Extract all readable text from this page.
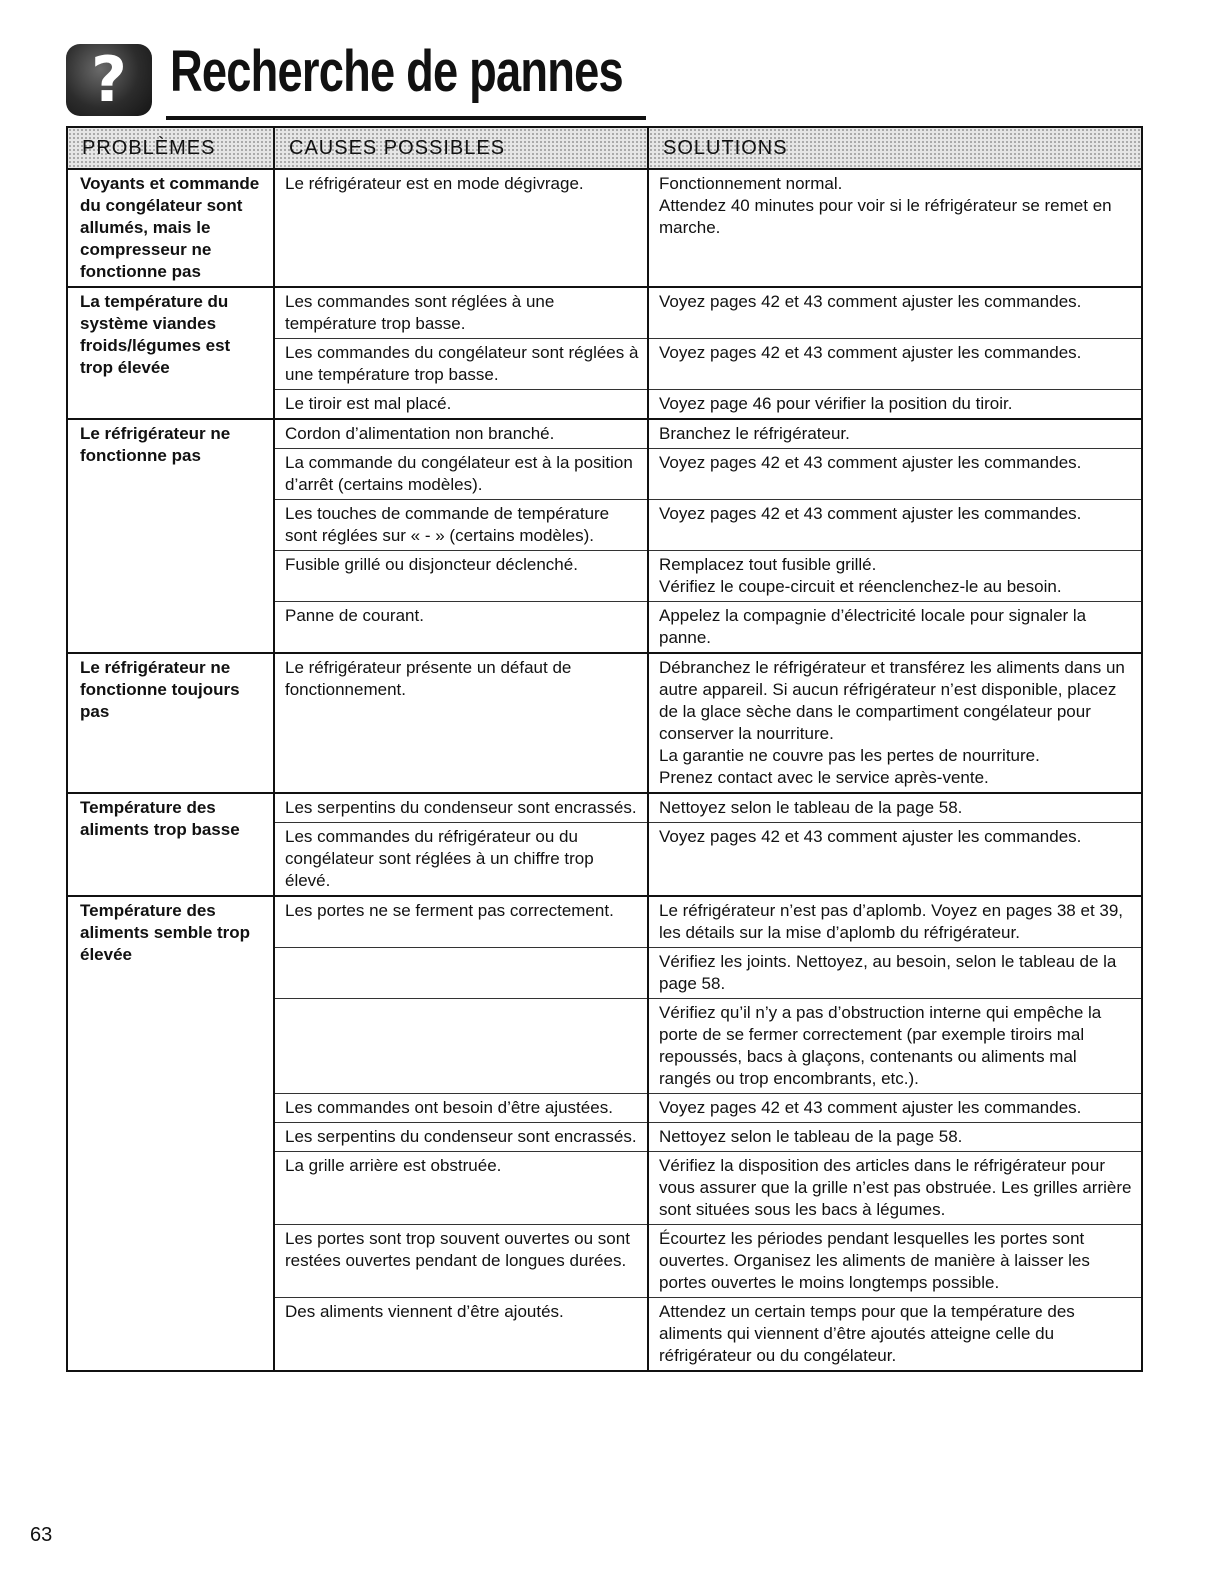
? Recherche de pannes
PROBLÈMES	CAUSES POSSIBLES	SOLUTIONS
Voyants et commande du congélateur sont allumés, mais le compresseur ne fonctionne pas	Le réfrigérateur est en mode dégivrage.	Fonctionnement normal.
Attendez 40 minutes pour voir si le réfrigérateur se remet en marche.

La température du système viandes froids/légumes est trop élevée	Les commandes sont réglées à une température trop basse.	Voyez pages 42 et 43 comment ajuster les commandes.

	Les commandes du congélateur sont réglées à une température trop basse.	Voyez pages 42 et 43 comment ajuster les commandes.

	Le tiroir est mal placé.	Voyez page 46 pour vérifier la position du tiroir.

Le réfrigérateur ne fonctionne pas	Cordon d’alimentation non branché.	Branchez le réfrigérateur.

	La commande du congélateur est à la position d’arrêt (certains modèles).	Voyez pages 42 et 43 comment ajuster les commandes.

	Les touches de commande de température sont réglées sur « - » (certains modèles).	Voyez pages 42 et 43 comment ajuster les commandes.

	Fusible grillé ou disjoncteur déclenché.	Remplacez tout fusible grillé.
Vérifiez le coupe-circuit et réenclenchez-le au besoin.

	Panne de courant.	Appelez la compagnie d’électricité locale pour signaler la panne.

Le réfrigérateur ne fonctionne toujours pas	Le réfrigérateur présente un défaut de fonctionnement.	Débranchez le réfrigérateur et transférez les aliments dans un autre appareil. Si aucun réfrigérateur n’est disponible, placez de la glace sèche dans le compartiment congélateur pour conserver la nourriture.
La garantie ne couvre pas les pertes de nourriture.
Prenez contact avec le service après-vente.

Température des aliments trop basse	Les serpentins du condenseur sont encrassés.	Nettoyez selon le tableau de la page 58.

	Les commandes du réfrigérateur ou du congélateur sont réglées à un chiffre trop élevé.	Voyez pages 42 et 43 comment ajuster les commandes.

Température des aliments semble trop élevée	Les portes ne se ferment pas correctement.	Le réfrigérateur n’est pas d’aplomb. Voyez en pages 38 et 39, les détails sur la mise d’aplomb du réfrigérateur.

		Vérifiez les joints. Nettoyez, au besoin, selon le tableau de la page 58.

		Vérifiez qu’il n’y a pas d’obstruction interne qui empêche la porte de se fermer correctement (par exemple tiroirs mal repoussés, bacs à glaçons, contenants ou aliments mal rangés ou trop encombrants, etc.).

	Les commandes ont besoin d’être ajustées.	Voyez pages 42 et 43 comment ajuster les commandes.

	Les serpentins du condenseur sont encrassés.	Nettoyez selon le tableau de la page 58.

	La grille arrière est obstruée.	Vérifiez la disposition des articles dans le réfrigérateur pour vous assurer que la grille n’est pas obstruée. Les grilles arrière sont situées sous les bacs à légumes.

	Les portes sont trop souvent ouvertes ou sont restées ouvertes pendant de longues durées.	Écourtez les périodes pendant lesquelles les portes sont ouvertes. Organisez les aliments de manière à laisser les portes ouvertes le moins longtemps possible.

	Des aliments viennent d’être ajoutés.	Attendez un certain temps pour que la température des aliments qui viennent d’être ajoutés atteigne celle du réfrigérateur ou du congélateur.
63
